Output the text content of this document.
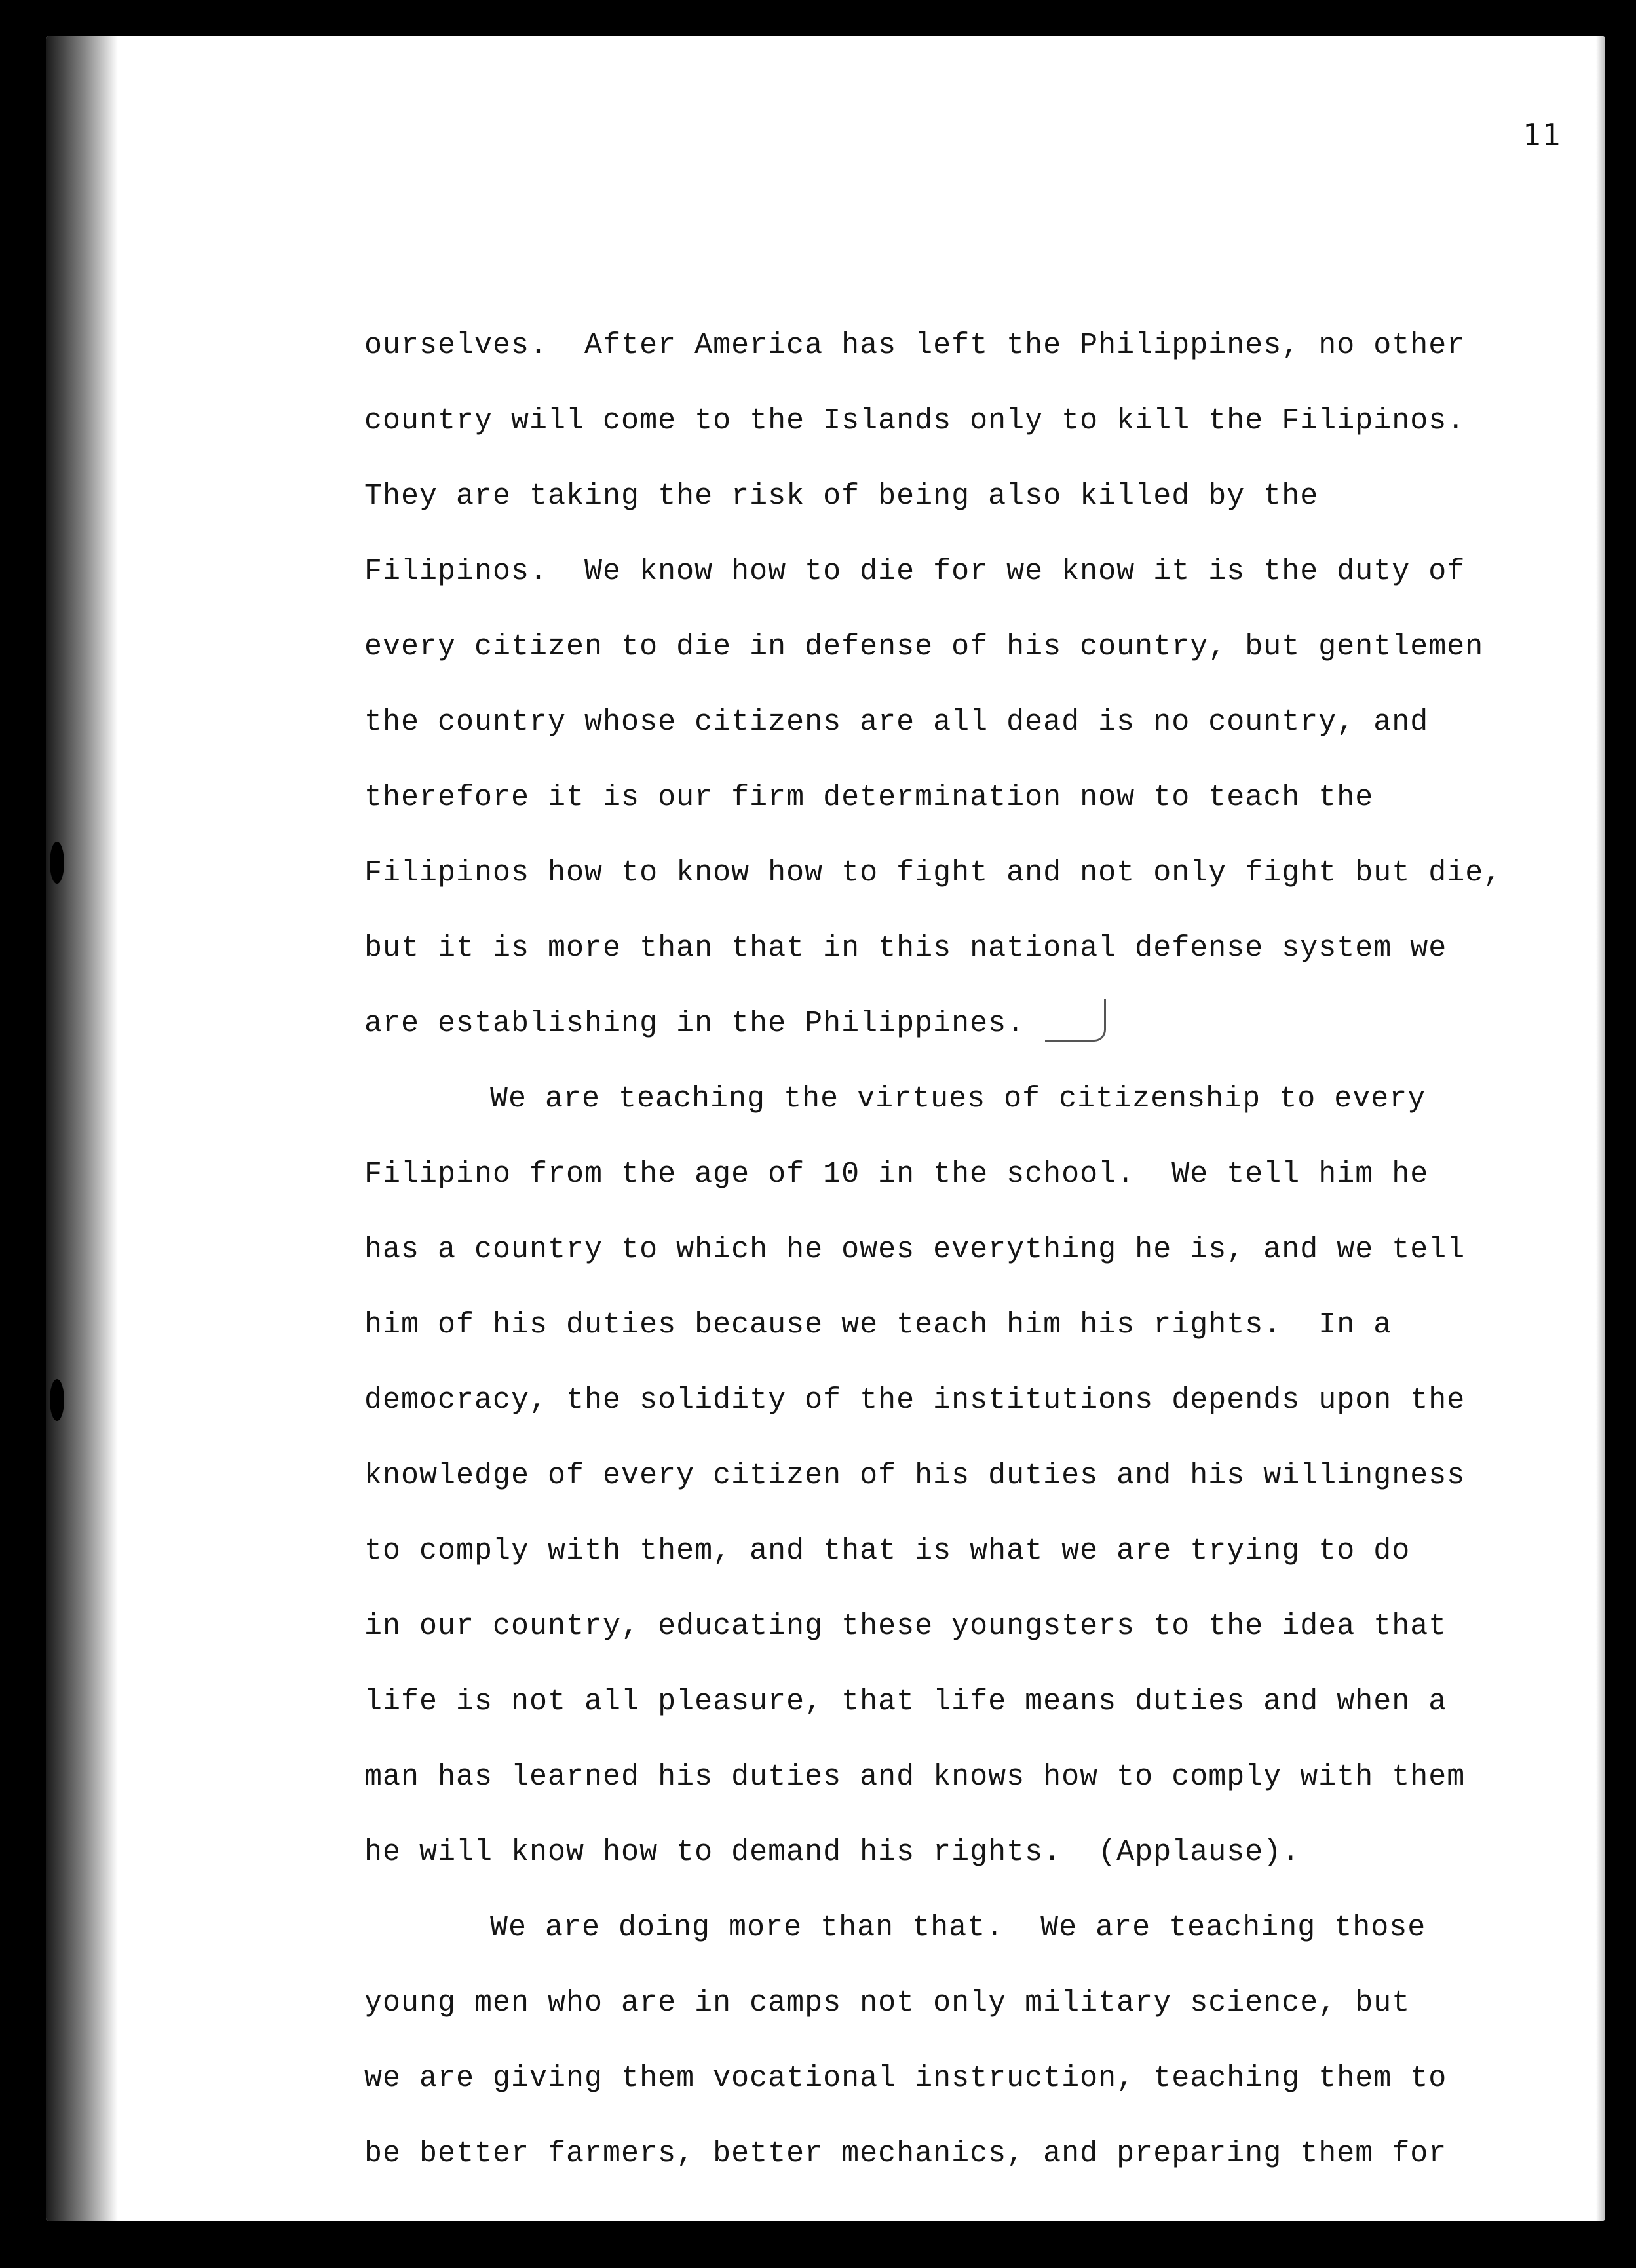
11
ourselves.  After America has left the Philippines, no other
country will come to the Islands only to kill the Filipinos.
They are taking the risk of being also killed by the
Filipinos.  We know how to die for we know it is the duty of
every citizen to die in defense of his country, but gentlemen
the country whose citizens are all dead is no country, and
therefore it is our firm determination now to teach the
Filipinos how to know how to fight and not only fight but die,
but it is more than that in this national defense system we
are establishing in the Philippines.
We are teaching the virtues of citizenship to every
Filipino from the age of 10 in the school.  We tell him he
has a country to which he owes everything he is, and we tell
him of his duties because we teach him his rights.  In a
democracy, the solidity of the institutions depends upon the
knowledge of every citizen of his duties and his willingness
to comply with them, and that is what we are trying to do
in our country, educating these youngsters to the idea that
life is not all pleasure, that life means duties and when a
man has learned his duties and knows how to comply with them
he will know how to demand his rights.  (Applause).
We are doing more than that.  We are teaching those
young men who are in camps not only military science, but
we are giving them vocational instruction, teaching them to
be better farmers, better mechanics, and preparing them for
